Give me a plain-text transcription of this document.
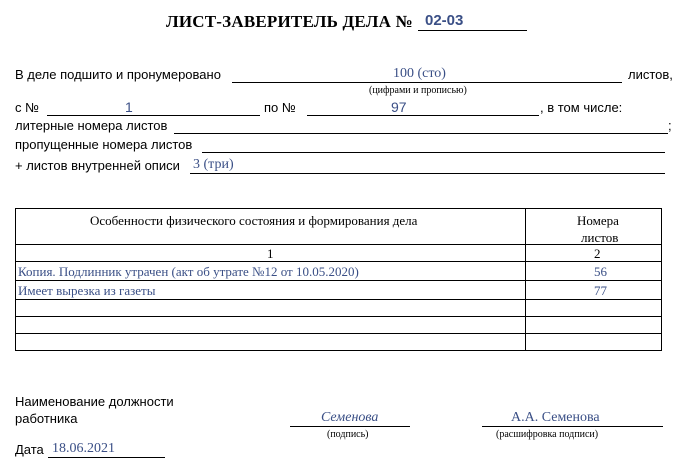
ЛИСТ-ЗАВЕРИТЕЛЬ ДЕЛА № 02-03
В деле подшито и пронумеровано	100 (сто)	листов,
(цифрами и прописью)
с №	1	по №	97	, в том числе:
литерные номера листов	;
пропущенные номера листов
+ листов внутренней описи 3 (три)
Особенности физического состояния и формирования дела	Номера
листов
1	2
Копия. Подлинник утрачен (акт об утрате №12 от 10.05.2020)	56
Имеет вырезка из газеты	77
Наименование должности
работника	Семенова
(подпись)
А.А. Семенова
(расшифровка подписи)
Дата 18.06.2021
